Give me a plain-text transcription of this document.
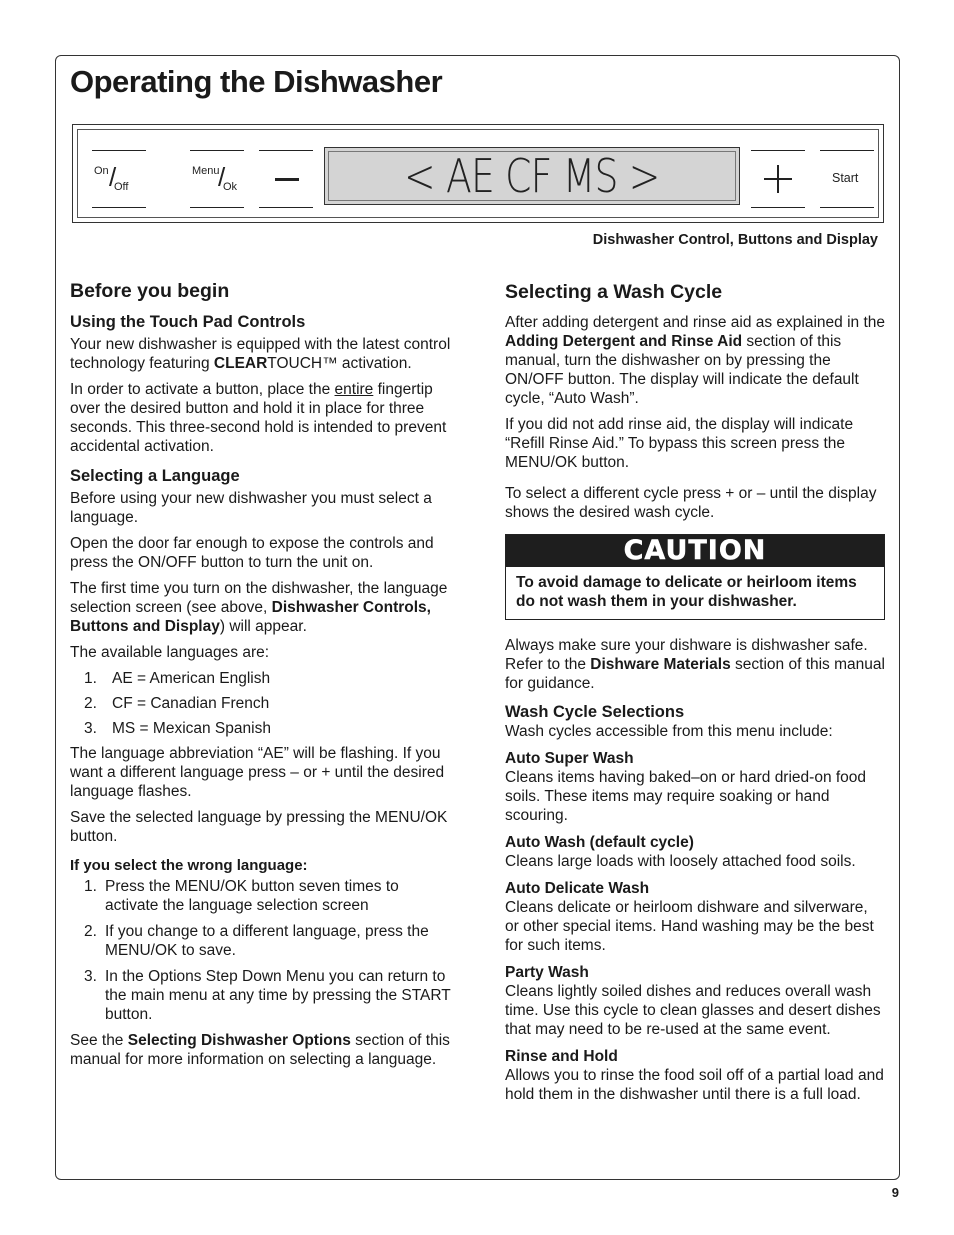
Operating the Dishwasher
On /
Off
Menu
/
Ok	< AE CF MS >	Start
Dishwasher Control, Buttons and Display
Before you begin
Using the Touch Pad Controls

Your new dishwasher is equipped with the latest control technology featuring CLEARTOUCH™ activation.

In order to activate a button, place the entire fingertip over the desired button and hold it in place for three seconds. This three-second hold is intended to prevent accidental activation.

Selecting a Language

Before using your new dishwasher you must select a language.

Open the door far enough to expose the controls and press the ON/OFF button to turn the unit on.

The first time you turn on the dishwasher, the language selection screen (see above, Dishwasher Controls, Buttons and Display) will appear.

The available languages are:

1. AE = American English
2. CF = Canadian French
3. MS = Mexican Spanish

The language abbreviation “AE” will be flashing. If you want a different language press – or + until the desired language flashes.

Save the selected language by pressing the MENU/OK button.

If you select the wrong language:
1. Press the MENU/OK button seven times to activate the language selection screen
2. If you change to a different language, press the MENU/OK to save.
3. In the Options Step Down Menu you can return to the main menu at any time by pressing the START button.

See the Selecting Dishwasher Options section of this manual for more information on selecting a language.

Selecting a Wash Cycle

After adding detergent and rinse aid as explained in the Adding Detergent and Rinse Aid section of this manual, turn the dishwasher on by pressing the ON/OFF button. The display will indicate the default cycle, “Auto Wash”.

If you did not add rinse aid, the display will indicate “Refill Rinse Aid.” To bypass this screen press the MENU/OK button.

To select a different cycle press + or – until the display shows the desired wash cycle.

CAUTION
To avoid damage to delicate or heirloom items do not wash them in your dishwasher.

Always make sure your dishware is dishwasher safe. Refer to the Dishware Materials section of this manual for guidance.

Wash Cycle Selections

Wash cycles accessible from this menu include:

Auto Super Wash
Cleans items having baked–on or hard dried-on food soils. These items may require soaking or hand scouring.
Auto Wash (default cycle)
Cleans large loads with loosely attached food soils.
Auto Delicate Wash
Cleans delicate or heirloom dishware and silverware, or other special items. Hand washing may be the best for such items.
Party Wash
Cleans lightly soiled dishes and reduces overall wash time. Use this cycle to clean glasses and desert dishes that may need to be re-used at the same event.
Rinse and Hold
Allows you to rinse the food soil off of a partial load and hold them in the dishwasher until there is a full load.
9
